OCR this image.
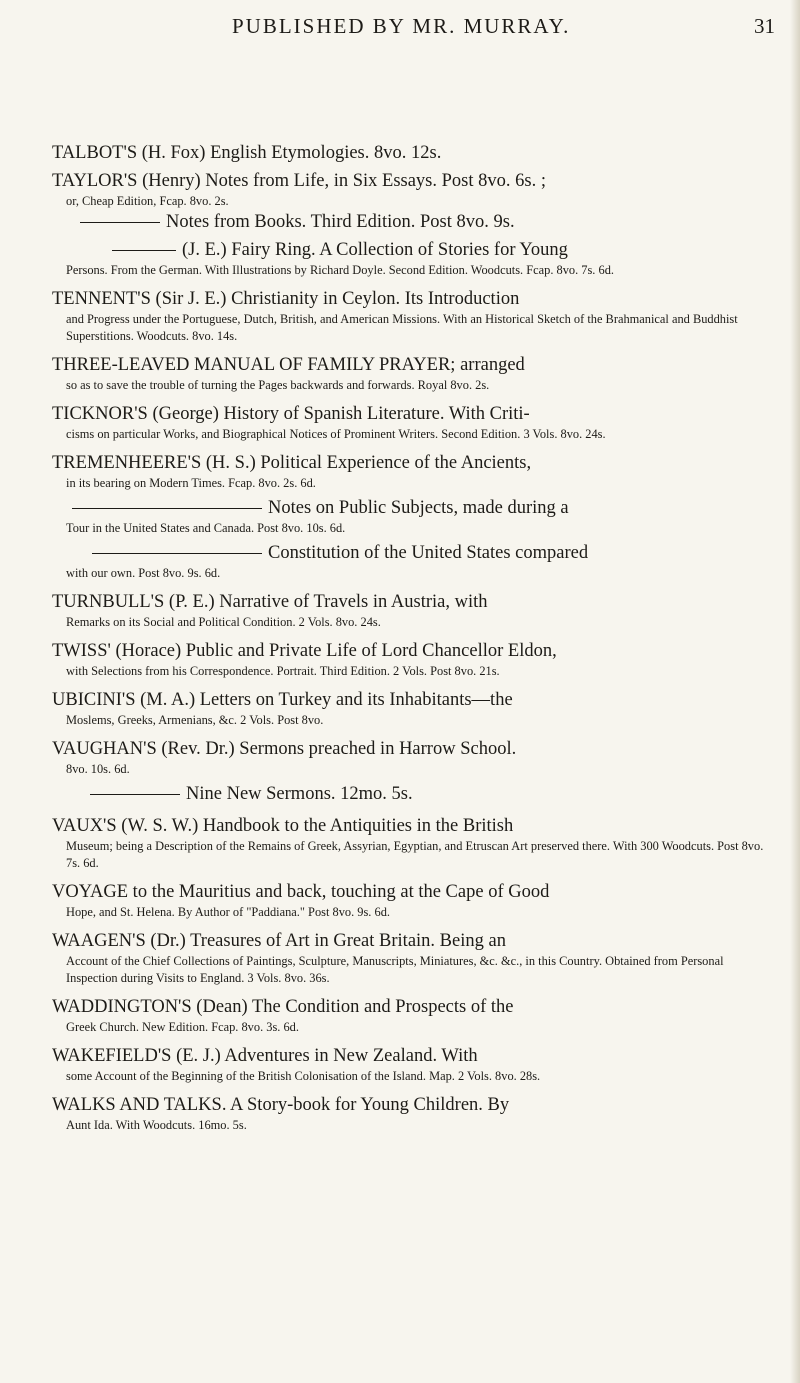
PUBLISHED BY MR. MURRAY.	31
TALBOT'S (H. Fox) English Etymologies. 8vo. 12s.
TAYLOR'S (Henry) Notes from Life, in Six Essays. Post 8vo. 6s. ;
or, Cheap Edition, Fcap. 8vo. 2s.
Notes from Books. Third Edition. Post 8vo. 9s.
(J. E.) Fairy Ring. A Collection of Stories for Young
Persons. From the German. With Illustrations by Richard Doyle. Second Edition. Woodcuts. Fcap. 8vo. 7s. 6d.
TENNENT'S (Sir J. E.) Christianity in Ceylon. Its Introduction
and Progress under the Portuguese, Dutch, British, and American Missions. With an Historical Sketch of the Brahmanical and Buddhist Superstitions. Woodcuts. 8vo. 14s.
THREE-LEAVED MANUAL OF FAMILY PRAYER; arranged
so as to save the trouble of turning the Pages backwards and forwards. Royal 8vo. 2s.
TICKNOR'S (George) History of Spanish Literature. With Criti-
cisms on particular Works, and Biographical Notices of Prominent Writers. Second Edition. 3 Vols. 8vo. 24s.
TREMENHEERE'S (H. S.) Political Experience of the Ancients,
in its bearing on Modern Times. Fcap. 8vo. 2s. 6d.
Notes on Public Subjects, made during a
Tour in the United States and Canada. Post 8vo. 10s. 6d.
Constitution of the United States compared
with our own. Post 8vo. 9s. 6d.
TURNBULL'S (P. E.) Narrative of Travels in Austria, with
Remarks on its Social and Political Condition. 2 Vols. 8vo. 24s.
TWISS' (Horace) Public and Private Life of Lord Chancellor Eldon,
with Selections from his Correspondence. Portrait. Third Edition. 2 Vols. Post 8vo. 21s.
UBICINI'S (M. A.) Letters on Turkey and its Inhabitants—the
Moslems, Greeks, Armenians, &c. 2 Vols. Post 8vo.
VAUGHAN'S (Rev. Dr.) Sermons preached in Harrow School.
8vo. 10s. 6d.
Nine New Sermons. 12mo. 5s.
VAUX'S (W. S. W.) Handbook to the Antiquities in the British
Museum; being a Description of the Remains of Greek, Assyrian, Egyptian, and Etruscan Art preserved there. With 300 Woodcuts. Post 8vo. 7s. 6d.
VOYAGE to the Mauritius and back, touching at the Cape of Good
Hope, and St. Helena. By Author of "Paddiana." Post 8vo. 9s. 6d.
WAAGEN'S (Dr.) Treasures of Art in Great Britain. Being an
Account of the Chief Collections of Paintings, Sculpture, Manuscripts, Miniatures, &c. &c., in this Country. Obtained from Personal Inspection during Visits to England. 3 Vols. 8vo. 36s.
WADDINGTON'S (Dean) The Condition and Prospects of the
Greek Church. New Edition. Fcap. 8vo. 3s. 6d.
WAKEFIELD'S (E. J.) Adventures in New Zealand. With
some Account of the Beginning of the British Colonisation of the Island. Map. 2 Vols. 8vo. 28s.
WALKS AND TALKS. A Story-book for Young Children. By
Aunt Ida. With Woodcuts. 16mo. 5s.
